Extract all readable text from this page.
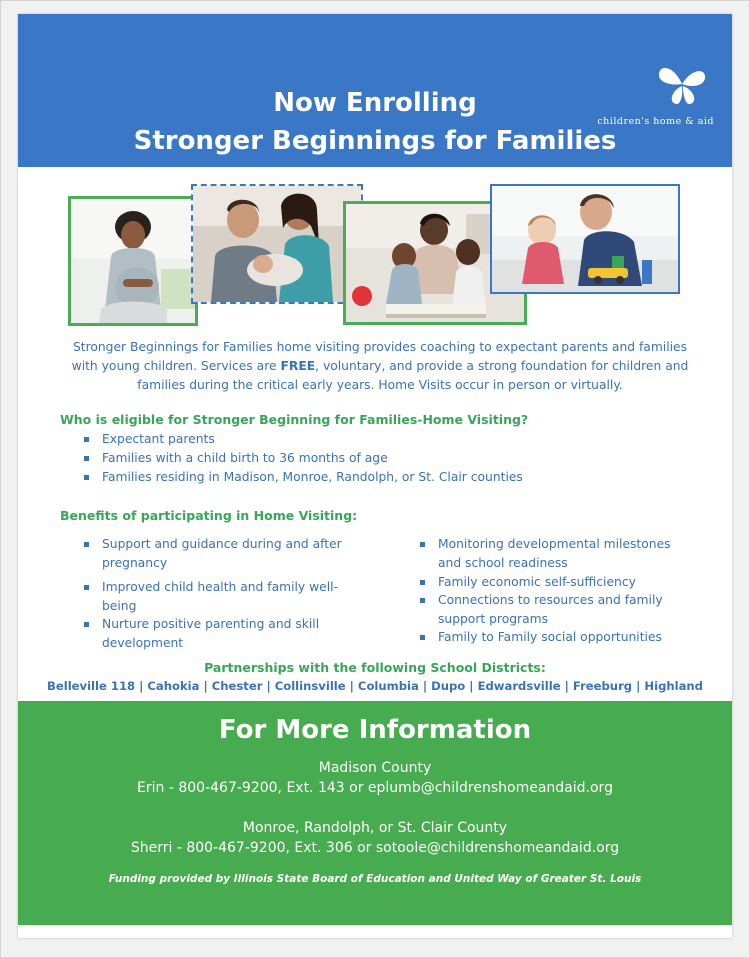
Now Enrolling
Stronger Beginnings for Families
children's home & aid
Stronger Beginnings for Families home visiting provides coaching to expectant parents and families with young children. Services are FREE, voluntary, and provide a strong foundation for children and families during the critical early years. Home Visits occur in person or virtually.
Who is eligible for Stronger Beginning for Families-Home Visiting?
Expectant parents
Families with a child birth to 36 months of age
Families residing in Madison, Monroe, Randolph, or St. Clair counties
Benefits of participating in Home Visiting:
Support and guidance during and after
pregnancy
Improved child health and family well-
being
Nurture positive parenting and skill
development
Monitoring developmental milestones
and school readiness
Family economic self-sufficiency
Connections to resources and family
support programs
Family to Family social opportunities
Partnerships with the following School Districts:
Belleville 118 | Cahokia | Chester | Collinsville | Columbia | Dupo | Edwardsville | Freeburg | Highland
For More Information
Madison County
Erin - 800-467-9200, Ext. 143 or eplumb@childrenshomeandaid.org
Monroe, Randolph, or St. Clair County
Sherri - 800-467-9200, Ext. 306 or sotoole@childrenshomeandaid.org
Funding provided by Illinois State Board of Education and United Way of Greater St. Louis
